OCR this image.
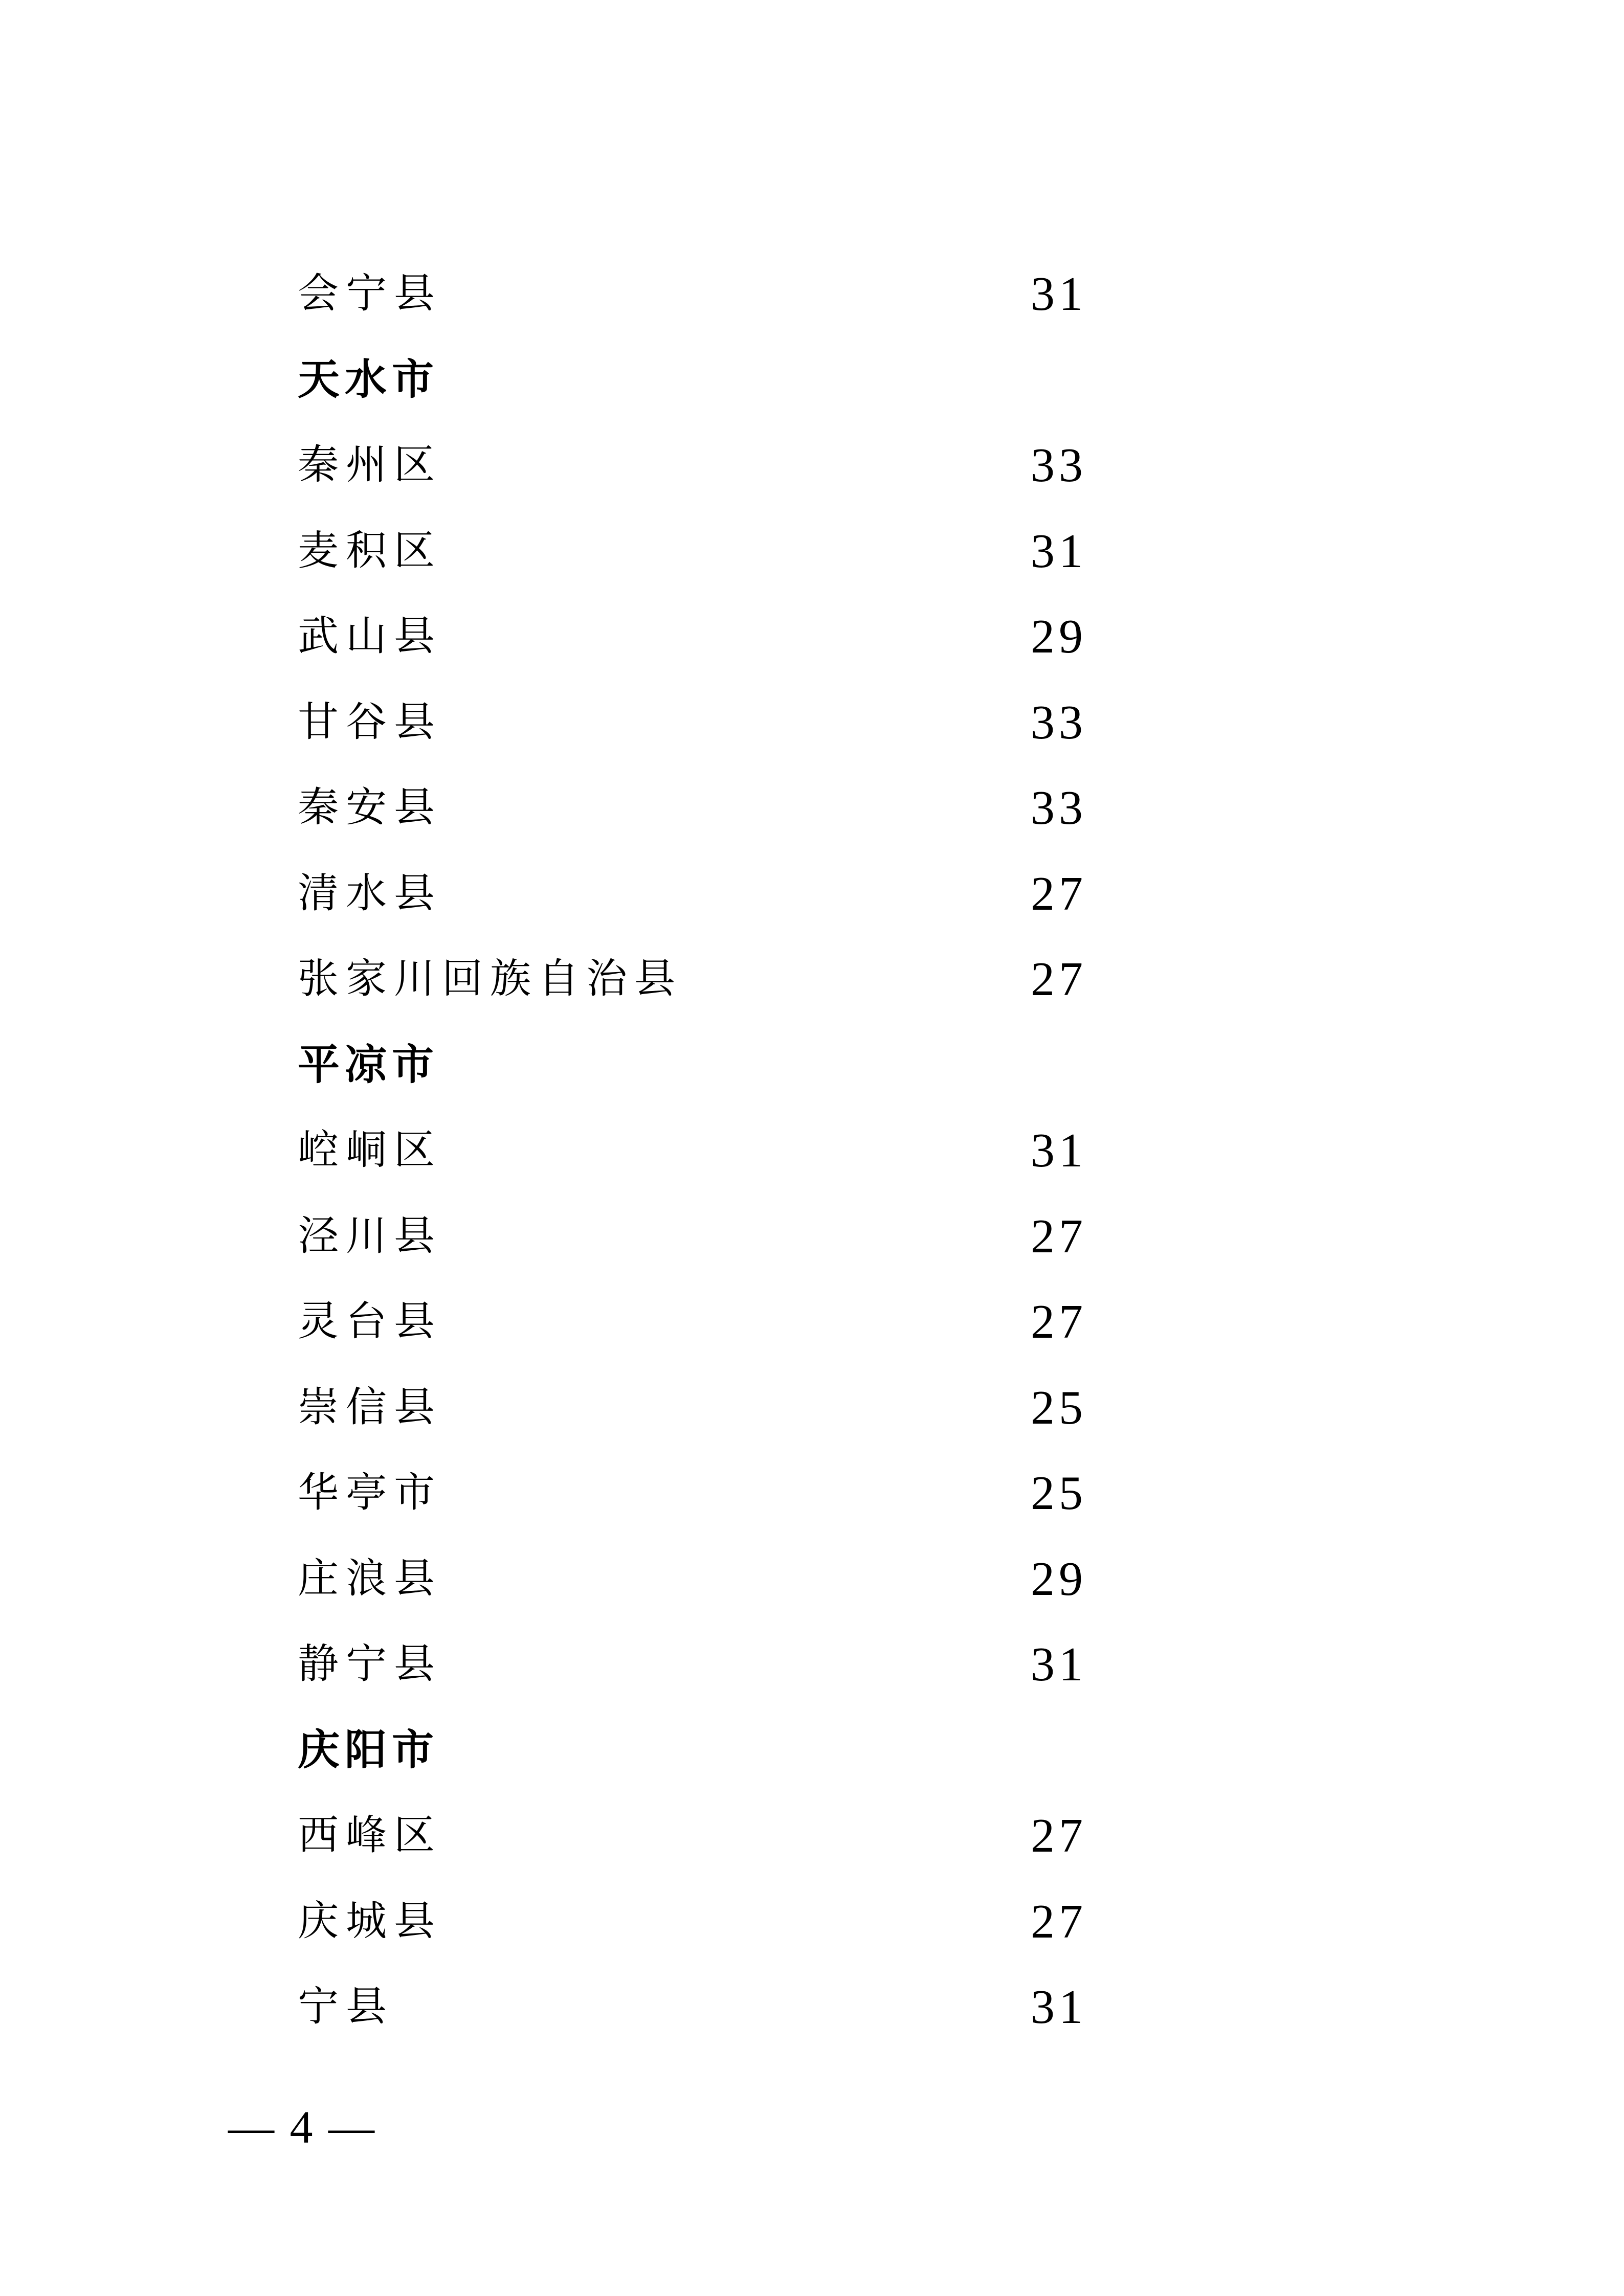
会宁县	31
天水市
秦州区	33
麦积区	31
武山县	29
甘谷县	33
秦安县	33
清水县	27
张家川回族自治县	27
平凉市
崆峒区	31
泾川县	27
灵台县	27
崇信县	25
华亭市	25
庄浪县	29
静宁县	31
庆阳市
西峰区	27
庆城县	27
宁县	31
— 4 —
